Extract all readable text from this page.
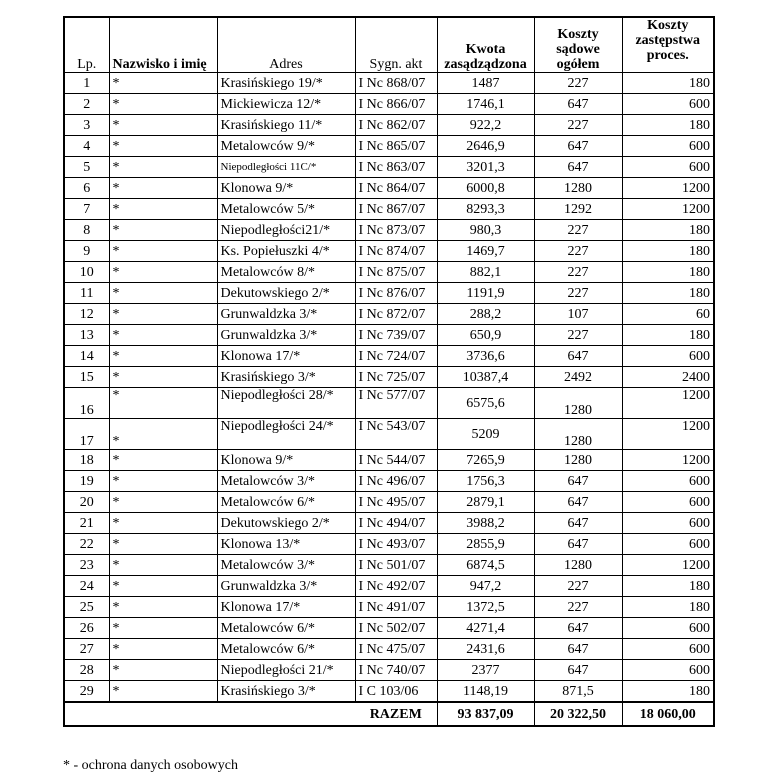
Lp.	Nazwisko i imię	Adres	Sygn. akt	Kwota zasądządzona	Koszty sądowe ogółem	Koszty zastępstwa proces.
1	*	Krasińskiego 19/*	I Nc 868/07	1487	227	180
2	*	Mickiewicza 12/*	I Nc 866/07	1746,1	647	600
3	*	Krasińskiego 11/*	I Nc 862/07	922,2	227	180
4	*	Metalowców 9/*	I Nc 865/07	2646,9	647	600
5	*	Niepodległości 11C/*	I Nc 863/07	3201,3	647	600
6	*	Klonowa 9/*	I Nc 864/07	6000,8	1280	1200
7	*	Metalowców 5/*	I Nc 867/07	8293,3	1292	1200
8	*	Niepodległości21/*	I Nc 873/07	980,3	227	180
9	*	Ks. Popiełuszki 4/*	I Nc 874/07	1469,7	227	180
10	*	Metalowców 8/*	I Nc 875/07	882,1	227	180
11	*	Dekutowskiego 2/*	I Nc 876/07	1191,9	227	180
12	*	Grunwaldzka 3/*	I Nc 872/07	288,2	107	60
13	*	Grunwaldzka 3/*	I Nc 739/07	650,9	227	180
14	*	Klonowa 17/*	I Nc 724/07	3736,6	647	600
15	*	Krasińskiego 3/*	I Nc 725/07	10387,4	2492	2400
16	*	Niepodległości 28/*	I Nc 577/07	6575,6	1280	1200
17	*	Niepodległości 24/*	I Nc 543/07	5209	1280	1200
18	*	Klonowa 9/*	I Nc 544/07	7265,9	1280	1200
19	*	Metalowców 3/*	I Nc 496/07	1756,3	647	600
20	*	Metalowców 6/*	I Nc 495/07	2879,1	647	600
21	*	Dekutowskiego 2/*	I Nc 494/07	3988,2	647	600
22	*	Klonowa 13/*	I Nc 493/07	2855,9	647	600
23	*	Metalowców 3/*	I Nc 501/07	6874,5	1280	1200
24	*	Grunwaldzka 3/*	I Nc 492/07	947,2	227	180
25	*	Klonowa 17/*	I Nc 491/07	1372,5	227	180
26	*	Metalowców 6/*	I Nc 502/07	4271,4	647	600
27	*	Metalowców 6/*	I Nc 475/07	2431,6	647	600
28	*	Niepodległości 21/*	I Nc 740/07	2377	647	600
29	*	Krasińskiego 3/*	I C 103/06	1148,19	871,5	180
			RAZEM	93 837,09	20 322,50	18 060,00
* - ochrona danych osobowych
